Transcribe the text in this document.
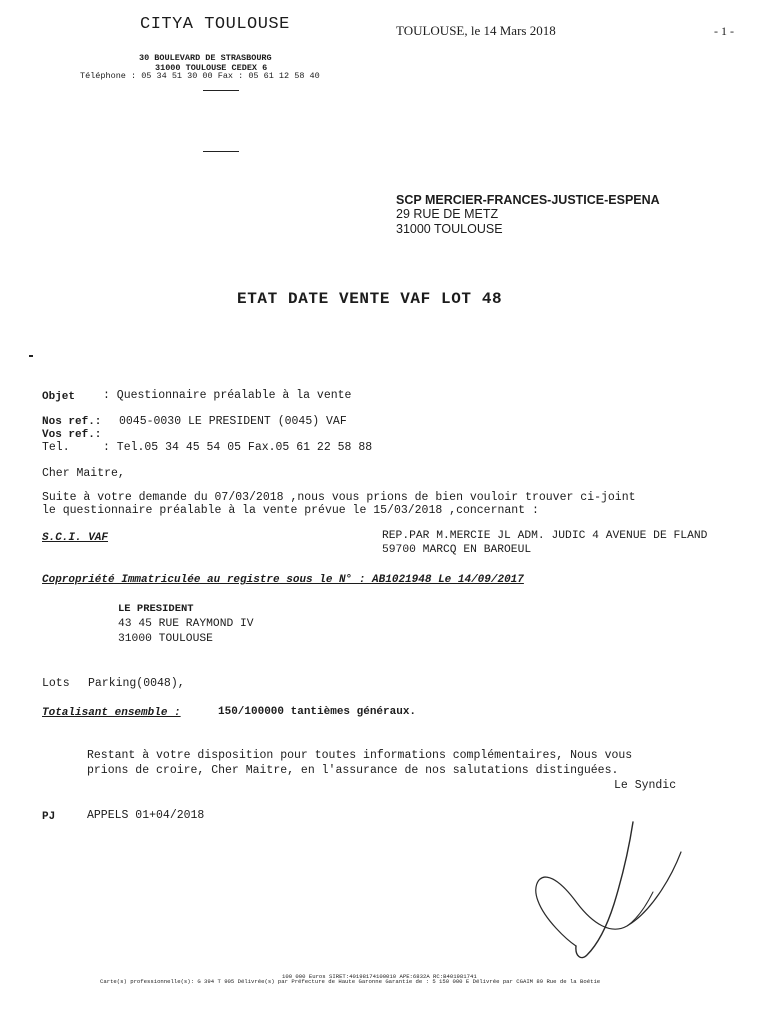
CITYA TOULOUSE
30 BOULEVARD DE STRASBOURG
31000 TOULOUSE CEDEX 6
Téléphone : 05 34 51 30 00 Fax : 05 61 12 58 40
TOULOUSE, le 14 Mars 2018	- 1 -
SCP MERCIER-FRANCES-JUSTICE-ESPENA
29 RUE DE METZ
31000 TOULOUSE
ETAT DATE VENTE VAF LOT 48
Objet : Questionnaire préalable à la vente
Nos ref.: 0045-0030 LE PRESIDENT (0045) VAF
Vos ref.:
Tel.	: Tel.05 34 45 54 05 Fax.05 61 22 58 88
Cher Maitre,
Suite à votre demande du 07/03/2018 ,nous vous prions de bien vouloir trouver ci-joint
le questionnaire préalable à la vente prévue le 15/03/2018 ,concernant :
S.C.I. VAF	REP.PAR M.MERCIE JL ADM. JUDIC 4 AVENUE DE FLAND
59700 MARCQ EN BAROEUL
Copropriété Immatriculée au registre sous le N° : AB1021948 Le 14/09/2017
LE PRESIDENT
43 45 RUE RAYMOND IV
31000 TOULOUSE
Lots Parking(0048),
Totalisant ensemble :	150/100000 tantièmes généraux.
Restant à votre disposition pour toutes informations complémentaires, Nous vous
prions de croire, Cher Maitre, en l'assurance de nos salutations distinguées.
Le Syndic
PJ	APPELS 01+04/2018
100 000 Euros SIRET:40198174100010 APE:6832A RC:B401981741
Carte(s) professionnelle(s): G 394 T 905 Délivrée(s) par Préfecture de Haute Garonne Garantie de : 5 150 000 E Délivrée par CGAIM 89 Rue de la Boétie
